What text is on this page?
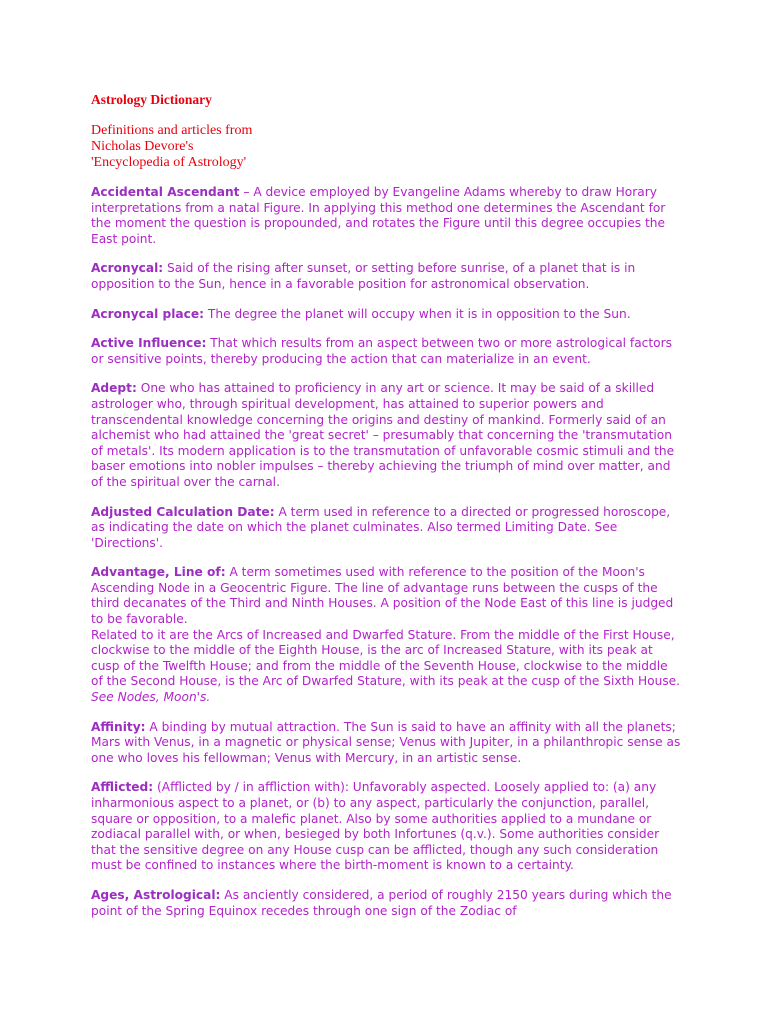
Astrology Dictionary
Definitions and articles from
Nicholas Devore's
'Encyclopedia of Astrology'
Accidental Ascendant – A device employed by Evangeline Adams whereby to draw Horary interpretations from a natal Figure. In applying this method one determines the Ascendant for the moment the question is propounded, and rotates the Figure until this degree occupies the East point.
Acronycal: Said of the rising after sunset, or setting before sunrise, of a planet that is in opposition to the Sun, hence in a favorable position for astronomical observation.
Acronycal place: The degree the planet will occupy when it is in opposition to the Sun.
Active Influence: That which results from an aspect between two or more astrological factors or sensitive points, thereby producing the action that can materialize in an event.
Adept: One who has attained to proficiency in any art or science. It may be said of a skilled astrologer who, through spiritual development, has attained to superior powers and transcendental knowledge concerning the origins and destiny of mankind. Formerly said of an alchemist who had attained the 'great secret' – presumably that concerning the 'transmutation of metals'. Its modern application is to the transmutation of unfavorable cosmic stimuli and the baser emotions into nobler impulses – thereby achieving the triumph of mind over matter, and of the spiritual over the carnal.
Adjusted Calculation Date: A term used in reference to a directed or progressed horoscope, as indicating the date on which the planet culminates. Also termed Limiting Date. See 'Directions'.
Advantage, Line of: A term sometimes used with reference to the position of the Moon's Ascending Node in a Geocentric Figure. The line of advantage runs between the cusps of the third decanates of the Third and Ninth Houses. A position of the Node East of this line is judged to be favorable.
Related to it are the Arcs of Increased and Dwarfed Stature. From the middle of the First House, clockwise to the middle of the Eighth House, is the arc of Increased Stature, with its peak at cusp of the Twelfth House; and from the middle of the Seventh House, clockwise to the middle of the Second House, is the Arc of Dwarfed Stature, with its peak at the cusp of the Sixth House. See Nodes, Moon's.
Affinity: A binding by mutual attraction. The Sun is said to have an affinity with all the planets; Mars with Venus, in a magnetic or physical sense; Venus with Jupiter, in a philanthropic sense as one who loves his fellowman; Venus with Mercury, in an artistic sense.
Afflicted: (Afflicted by / in affliction with): Unfavorably aspected. Loosely applied to: (a) any inharmonious aspect to a planet, or (b) to any aspect, particularly the conjunction, parallel, square or opposition, to a malefic planet. Also by some authorities applied to a mundane or zodiacal parallel with, or when, besieged by both Infortunes (q.v.). Some authorities consider that the sensitive degree on any House cusp can be afflicted, though any such consideration must be confined to instances where the birth-moment is known to a certainty.
Ages, Astrological: As anciently considered, a period of roughly 2150 years during which the point of the Spring Equinox recedes through one sign of the Zodiac of
